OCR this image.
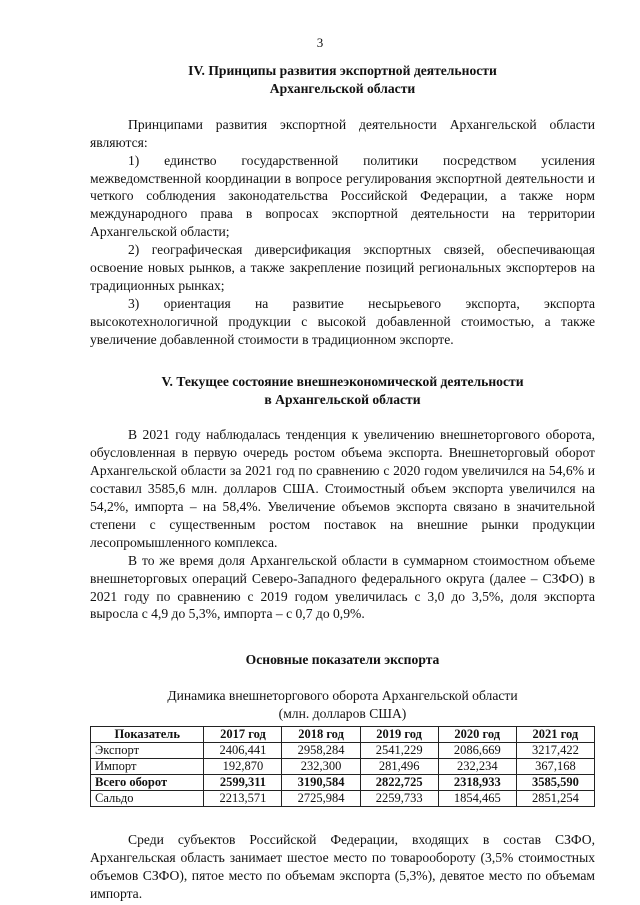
3

IV. Принципы развития экспортной деятельности

Архангельской области

Принципами развития экспортной деятельности Архангельской области являются:

1) единство государственной политики посредством усиления межведомственной координации в вопросе регулирования экспортной деятельности и четкого соблюдения законодательства Российской Федерации, а также норм международного права в вопросах экспортной деятельности на территории Архангельской области;

2) географическая диверсификация экспортных связей, обеспечивающая освоение новых рынков, а также закрепление позиций региональных экспортеров на традиционных рынках;

3) ориентация на развитие несырьевого экспорта, экспорта высокотехнологичной продукции с высокой добавленной стоимостью, а также увеличение добавленной стоимости в традиционном экспорте.

V. Текущее состояние внешнеэкономической деятельности

в Архангельской области

В 2021 году наблюдалась тенденция к увеличению внешнеторгового оборота, обусловленная в первую очередь ростом объема экспорта. Внешнеторговый оборот Архангельской области за 2021 год по сравнению с 2020 годом увеличился на 54,6% и составил 3585,6 млн. долларов США. Стоимостный объем экспорта увеличился на 54,2%, импорта – на 58,4%. Увеличение объемов экспорта связано в значительной степени с существенным ростом поставок на внешние рынки продукции лесопромышленного комплекса.

В то же время доля Архангельской области в суммарном стоимостном объеме внешнеторговых операций Северо-Западного федерального округа (далее – СЗФО) в 2021 году по сравнению с 2019 годом увеличилась с 3,0 до 3,5%, доля экспорта выросла с 4,9 до 5,3%, импорта – с 0,7 до 0,9%.

Основные показатели экспорта

Динамика внешнеторгового оборота Архангельской области

(млн. долларов США)

Показатель	2017 год	2018 год	2019 год	2020 год	2021 год
Экспорт	2406,441	2958,284	2541,229	2086,669	3217,422
Импорт	192,870	232,300	281,496	232,234	367,168
Всего оборот	2599,311	3190,584	2822,725	2318,933	3585,590
Сальдо	2213,571	2725,984	2259,733	1854,465	2851,254

Среди субъектов Российской Федерации, входящих в состав СЗФО, Архангельская область занимает шестое место по товарообороту (3,5% стоимостных объемов СЗФО), пятое место по объемам экспорта (5,3%), девятое место по объемам импорта.
